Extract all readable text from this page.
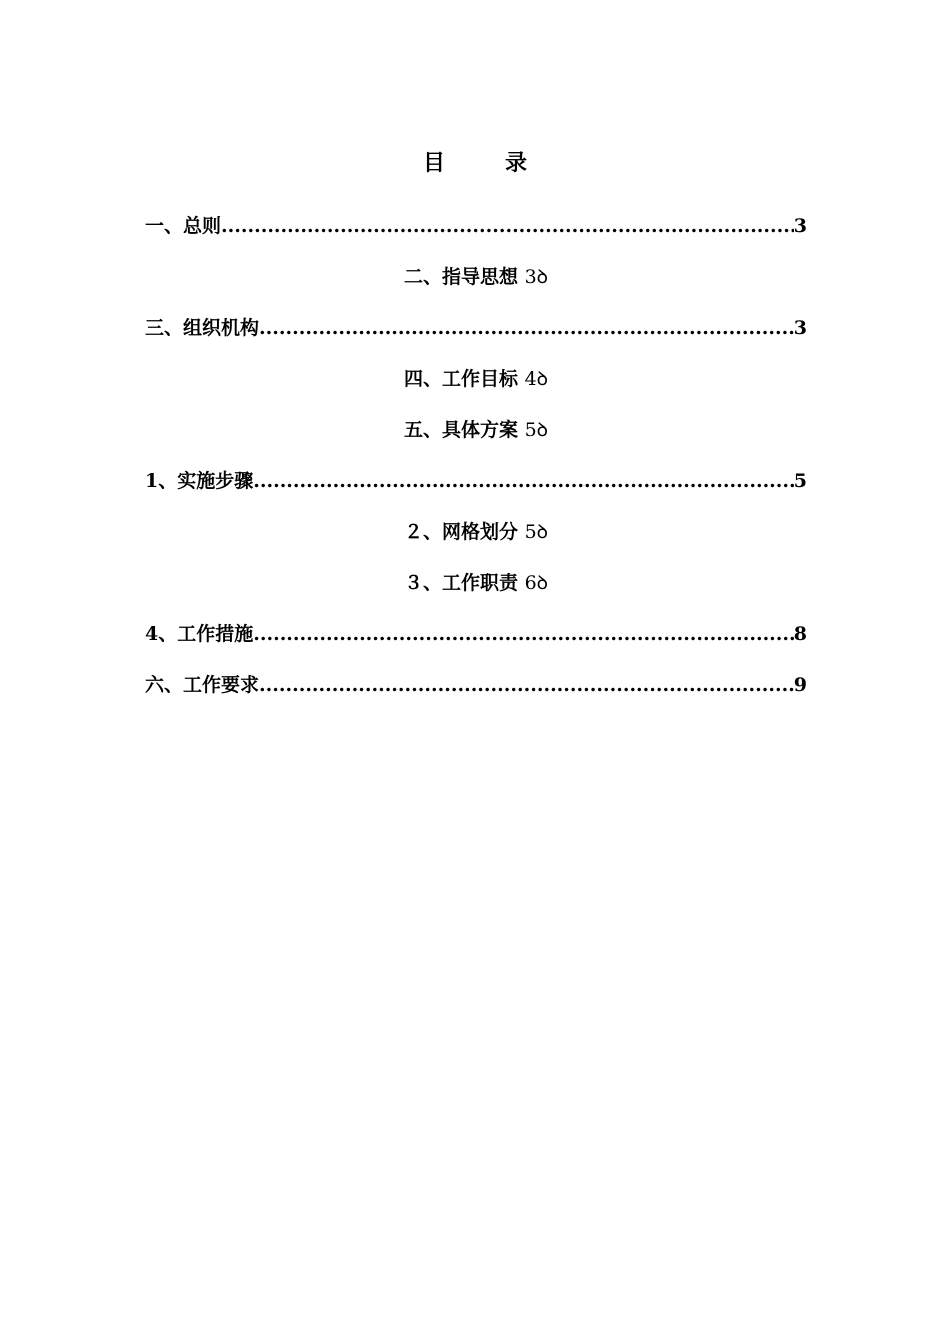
目	录
一、总则 .....	3
二、指导思想 3ꝺ
三、组织机构 .....	3
四、工作目标 4ꝺ
五、具体方案 5ꝺ
1、实施步骤 .....	5
２、网格划分 5ꝺ
３、工作职责 6ꝺ
4、工作措施 .....	8
六、工作要求 .....	9
